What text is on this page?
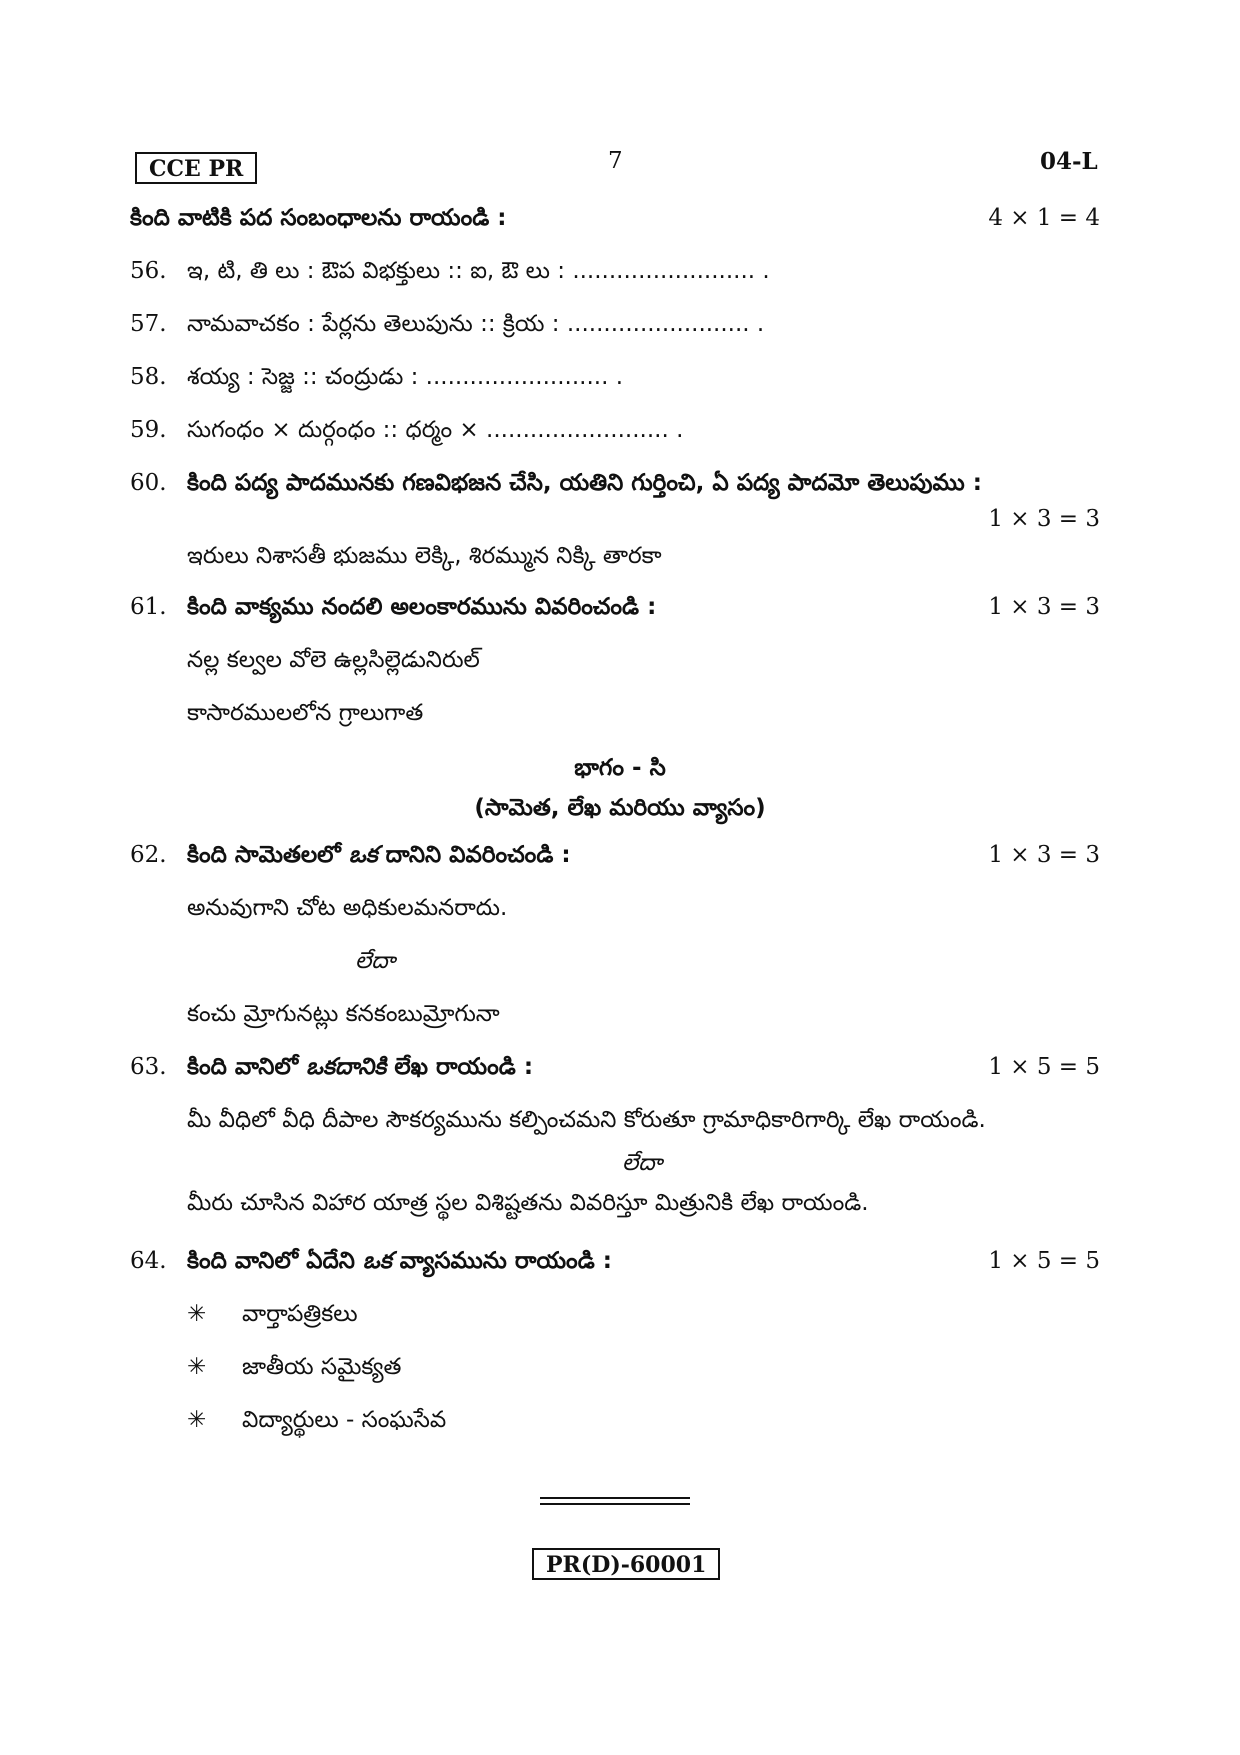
CCE PR	7	04-L
కింది వాటికి పద సంబంధాలను రాయండి :	4 × 1 = 4
56. ఇ, టి, తి లు : ఔప విభక్తులు :: ఐ, ఔ లు : ......................... .
57. నామవాచకం : పేర్లను తెలుపును :: క్రియ : ......................... .
58. శయ్య : సెజ్జ :: చంద్రుడు : ......................... .
59. సుగంధం × దుర్గంధం :: ధర్మం × ......................... .
60. కింది పద్య పాదమునకు గణవిభజన చేసి, యతిని గుర్తించి, ఏ పద్య పాదమో తెలుపుము :
1 × 3 = 3
ఇరులు నిశాసతీ భుజము లెక్కి, శిరమ్మున నిక్కి తారకా
61. కింది వాక్యము నందలి అలంకారమును వివరించండి :	1 × 3 = 3
నల్ల కల్వల వోలె ఉల్లసిల్లెడునిరుల్
కాసారములలోన గ్రాలుగాత
భాగం - సి
(సామెత, లేఖ మరియు వ్యాసం)
62. కింది సామెతలలో ఒక దానిని వివరించండి :	1 × 3 = 3
అనువుగాని చోట అధికులమనరాదు.
లేదా
కంచు మ్రోగునట్లు కనకంబుమ్రోగునా
63. కింది వానిలో ఒకదానికి లేఖ రాయండి :	1 × 5 = 5
మీ వీధిలో వీధి దీపాల సౌకర్యమును కల్పించమని కోరుతూ గ్రామాధికారిగార్కి లేఖ రాయండి.
లేదా
మీరు చూసిన విహార యాత్ర స్థల విశిష్టతను వివరిస్తూ మిత్రునికి లేఖ రాయండి.
64. కింది వానిలో ఏదేని ఒక వ్యాసమును రాయండి :	1 × 5 = 5
✳ వార్తాపత్రికలు
✳ జాతీయ సమైక్యత
✳ విద్యార్థులు - సంఘసేవ
PR(D)-60001
